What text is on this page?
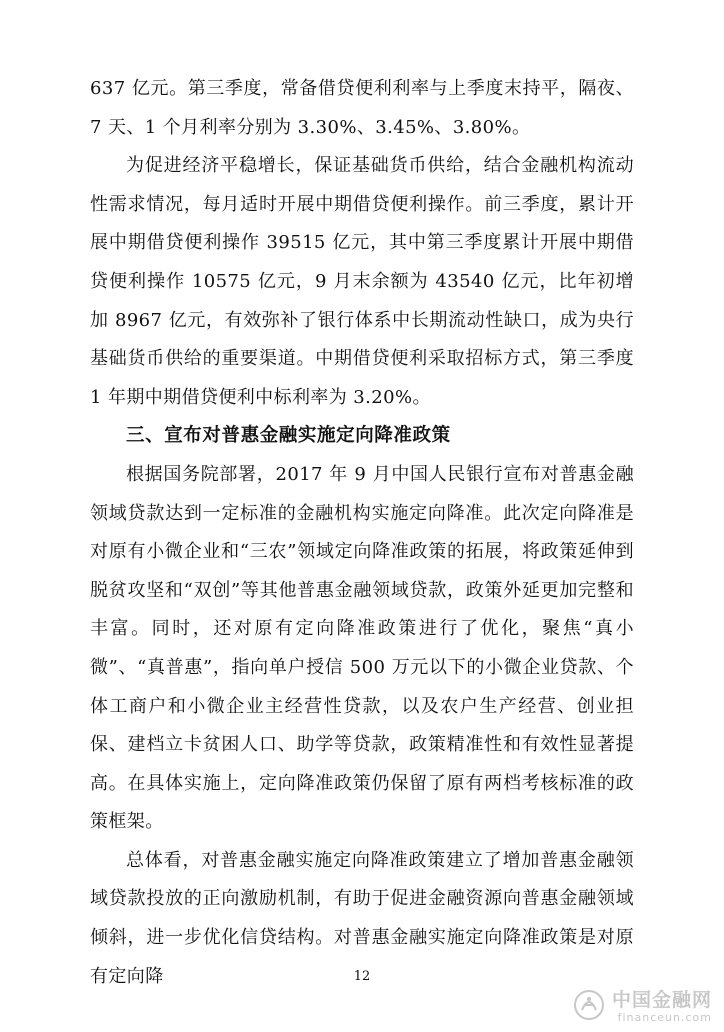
637 亿元。第三季度，常备借贷便利利率与上季度末持平，隔夜、7 天、1 个月利率分别为 3.30%、3.45%、3.80%。

为促进经济平稳增长，保证基础货币供给，结合金融机构流动性需求情况，每月适时开展中期借贷便利操作。前三季度，累计开展中期借贷便利操作 39515 亿元，其中第三季度累计开展中期借贷便利操作 10575 亿元，9 月末余额为 43540 亿元，比年初增加 8967 亿元，有效弥补了银行体系中长期流动性缺口，成为央行基础货币供给的重要渠道。中期借贷便利采取招标方式，第三季度 1 年期中期借贷便利中标利率为 3.20%。

三、宣布对普惠金融实施定向降准政策

根据国务院部署，2017 年 9 月中国人民银行宣布对普惠金融领域贷款达到一定标准的金融机构实施定向降准。此次定向降准是对原有小微企业和“三农”领域定向降准政策的拓展，将政策延伸到脱贫攻坚和“双创”等其他普惠金融领域贷款，政策外延更加完整和丰富。同时，还对原有定向降准政策进行了优化，聚焦“真小微”、“真普惠”，指向单户授信 500 万元以下的小微企业贷款、个体工商户和小微企业主经营性贷款，以及农户生产经营、创业担保、建档立卡贫困人口、助学等贷款，政策精准性和有效性显著提高。在具体实施上，定向降准政策仍保留了原有两档考核标准的政策框架。

总体看，对普惠金融实施定向降准政策建立了增加普惠金融领域贷款投放的正向激励机制，有助于促进金融资源向普惠金融领域倾斜，进一步优化信贷结构。对普惠金融实施定向降准政策是对原有定向降	12
中国金融网
financeun.com
